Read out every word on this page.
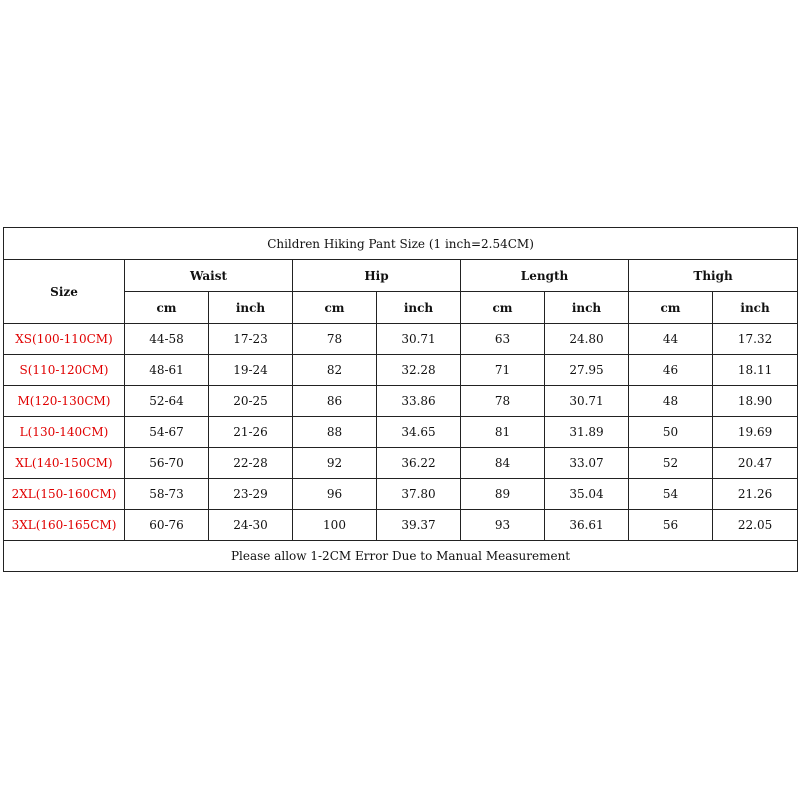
Children Hiking Pant Size (1 inch=2.54CM)								
Size	Waist		Hip		Length		Thigh	
	cm	inch	cm	inch	cm	inch	cm	inch
XS(100-110CM)	44-58	17-23	78	30.71	63	24.80	44	17.32
S(110-120CM)	48-61	19-24	82	32.28	71	27.95	46	18.11
M(120-130CM)	52-64	20-25	86	33.86	78	30.71	48	18.90
L(130-140CM)	54-67	21-26	88	34.65	81	31.89	50	19.69
XL(140-150CM)	56-70	22-28	92	36.22	84	33.07	52	20.47
2XL(150-160CM)	58-73	23-29	96	37.80	89	35.04	54	21.26
3XL(160-165CM)	60-76	24-30	100	39.37	93	36.61	56	22.05
Please allow 1-2CM Error Due to Manual Measurement								
